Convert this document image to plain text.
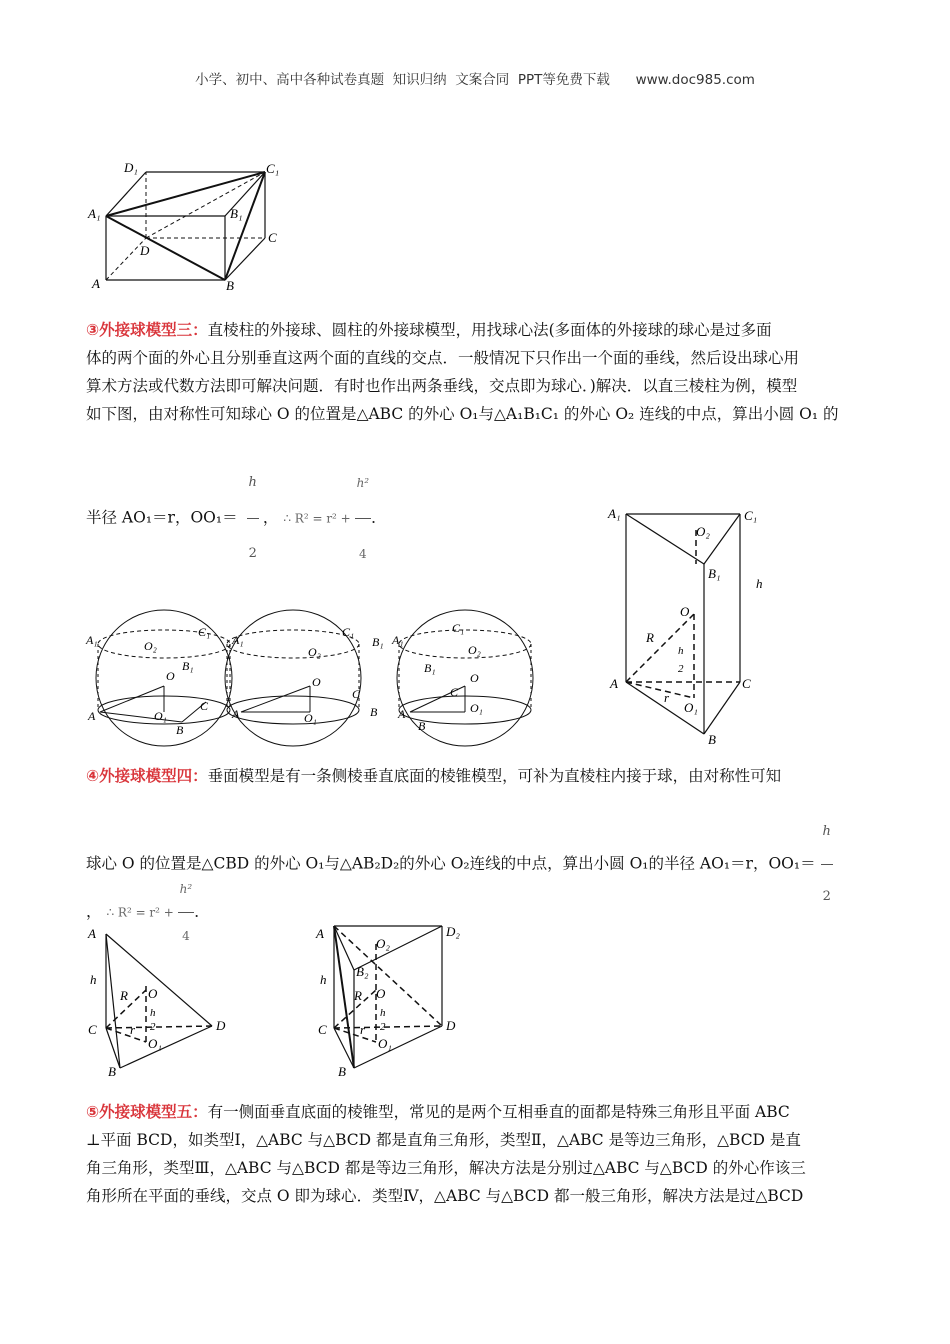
小学、初中、高中各种试卷真题  知识归纳  文案合同  PPT等免费下载      www.doc985.com
D₁	C₁
A₁	B₁
C
D
A	B
③外接球模型三：直棱柱的外接球、圆柱的外接球模型，用找球心法(多面体的外接球的球心是过多面
体的两个面的外心且分别垂直这两个面的直线的交点．一般情况下只作出一个面的垂线，然后设出球心用
算术方法或代数方法即可解决问题．有时也作出两条垂线，交点即为球心．)解决．以直三棱柱为例，模型
如下图，由对称性可知球心 O 的位置是△ABC 的外心 O₁与△A₁B₁C₁ 的外心 O₂ 连线的中点，算出小圆 O₁ 的
半径 AO₁＝r，$OO_1= \frac{h}{2}$ ， ∴ $R^2 = r^2 + \frac{\text{h²}}{4}$ ．
A₁	O₂
C₁
B₁
O
A	O₁
C
B
A₁
O₂
C₁
B₁
O
A	O₁
C
B
A₁
C₁
O₂
B₁
O
C
A	O₁
B
A₁	C₁
O₂
B₁
h
O
R
h
2
A	C
r
O₁
B
④外接球模型四：垂面模型是有一条侧棱垂直底面的棱锥模型，可补为直棱柱内接于球，由对称性可知
球心 O 的位置是△CBD 的外心 O₁与△AB₂D₂的外心 O₂连线的中点，算出小圆 O₁的半径 AO₁＝r，$OO_1= \frac{h}{2}$
， ∴ $R^2 = r^2 + \frac{\text{h²}}{4}$ ．
A
h
R O
h
2
r
C	D
O₁
B
A	D₂
O₂
B₂
h
R O
h
2
r
C	D
O₁
B
⑤外接球模型五：有一侧面垂直底面的棱锥型，常见的是两个互相垂直的面都是特殊三角形且平面 ABC
⊥平面 BCD，如类型Ⅰ，△ABC 与△BCD 都是直角三角形，类型Ⅱ，△ABC 是等边三角形，△BCD 是直
角三角形，类型Ⅲ，△ABC 与△BCD 都是等边三角形，解决方法是分别过△ABC 与△BCD 的外心作该三
角形所在平面的垂线，交点 O 即为球心．类型Ⅳ，△ABC 与△BCD 都一般三角形，解决方法是过△BCD
